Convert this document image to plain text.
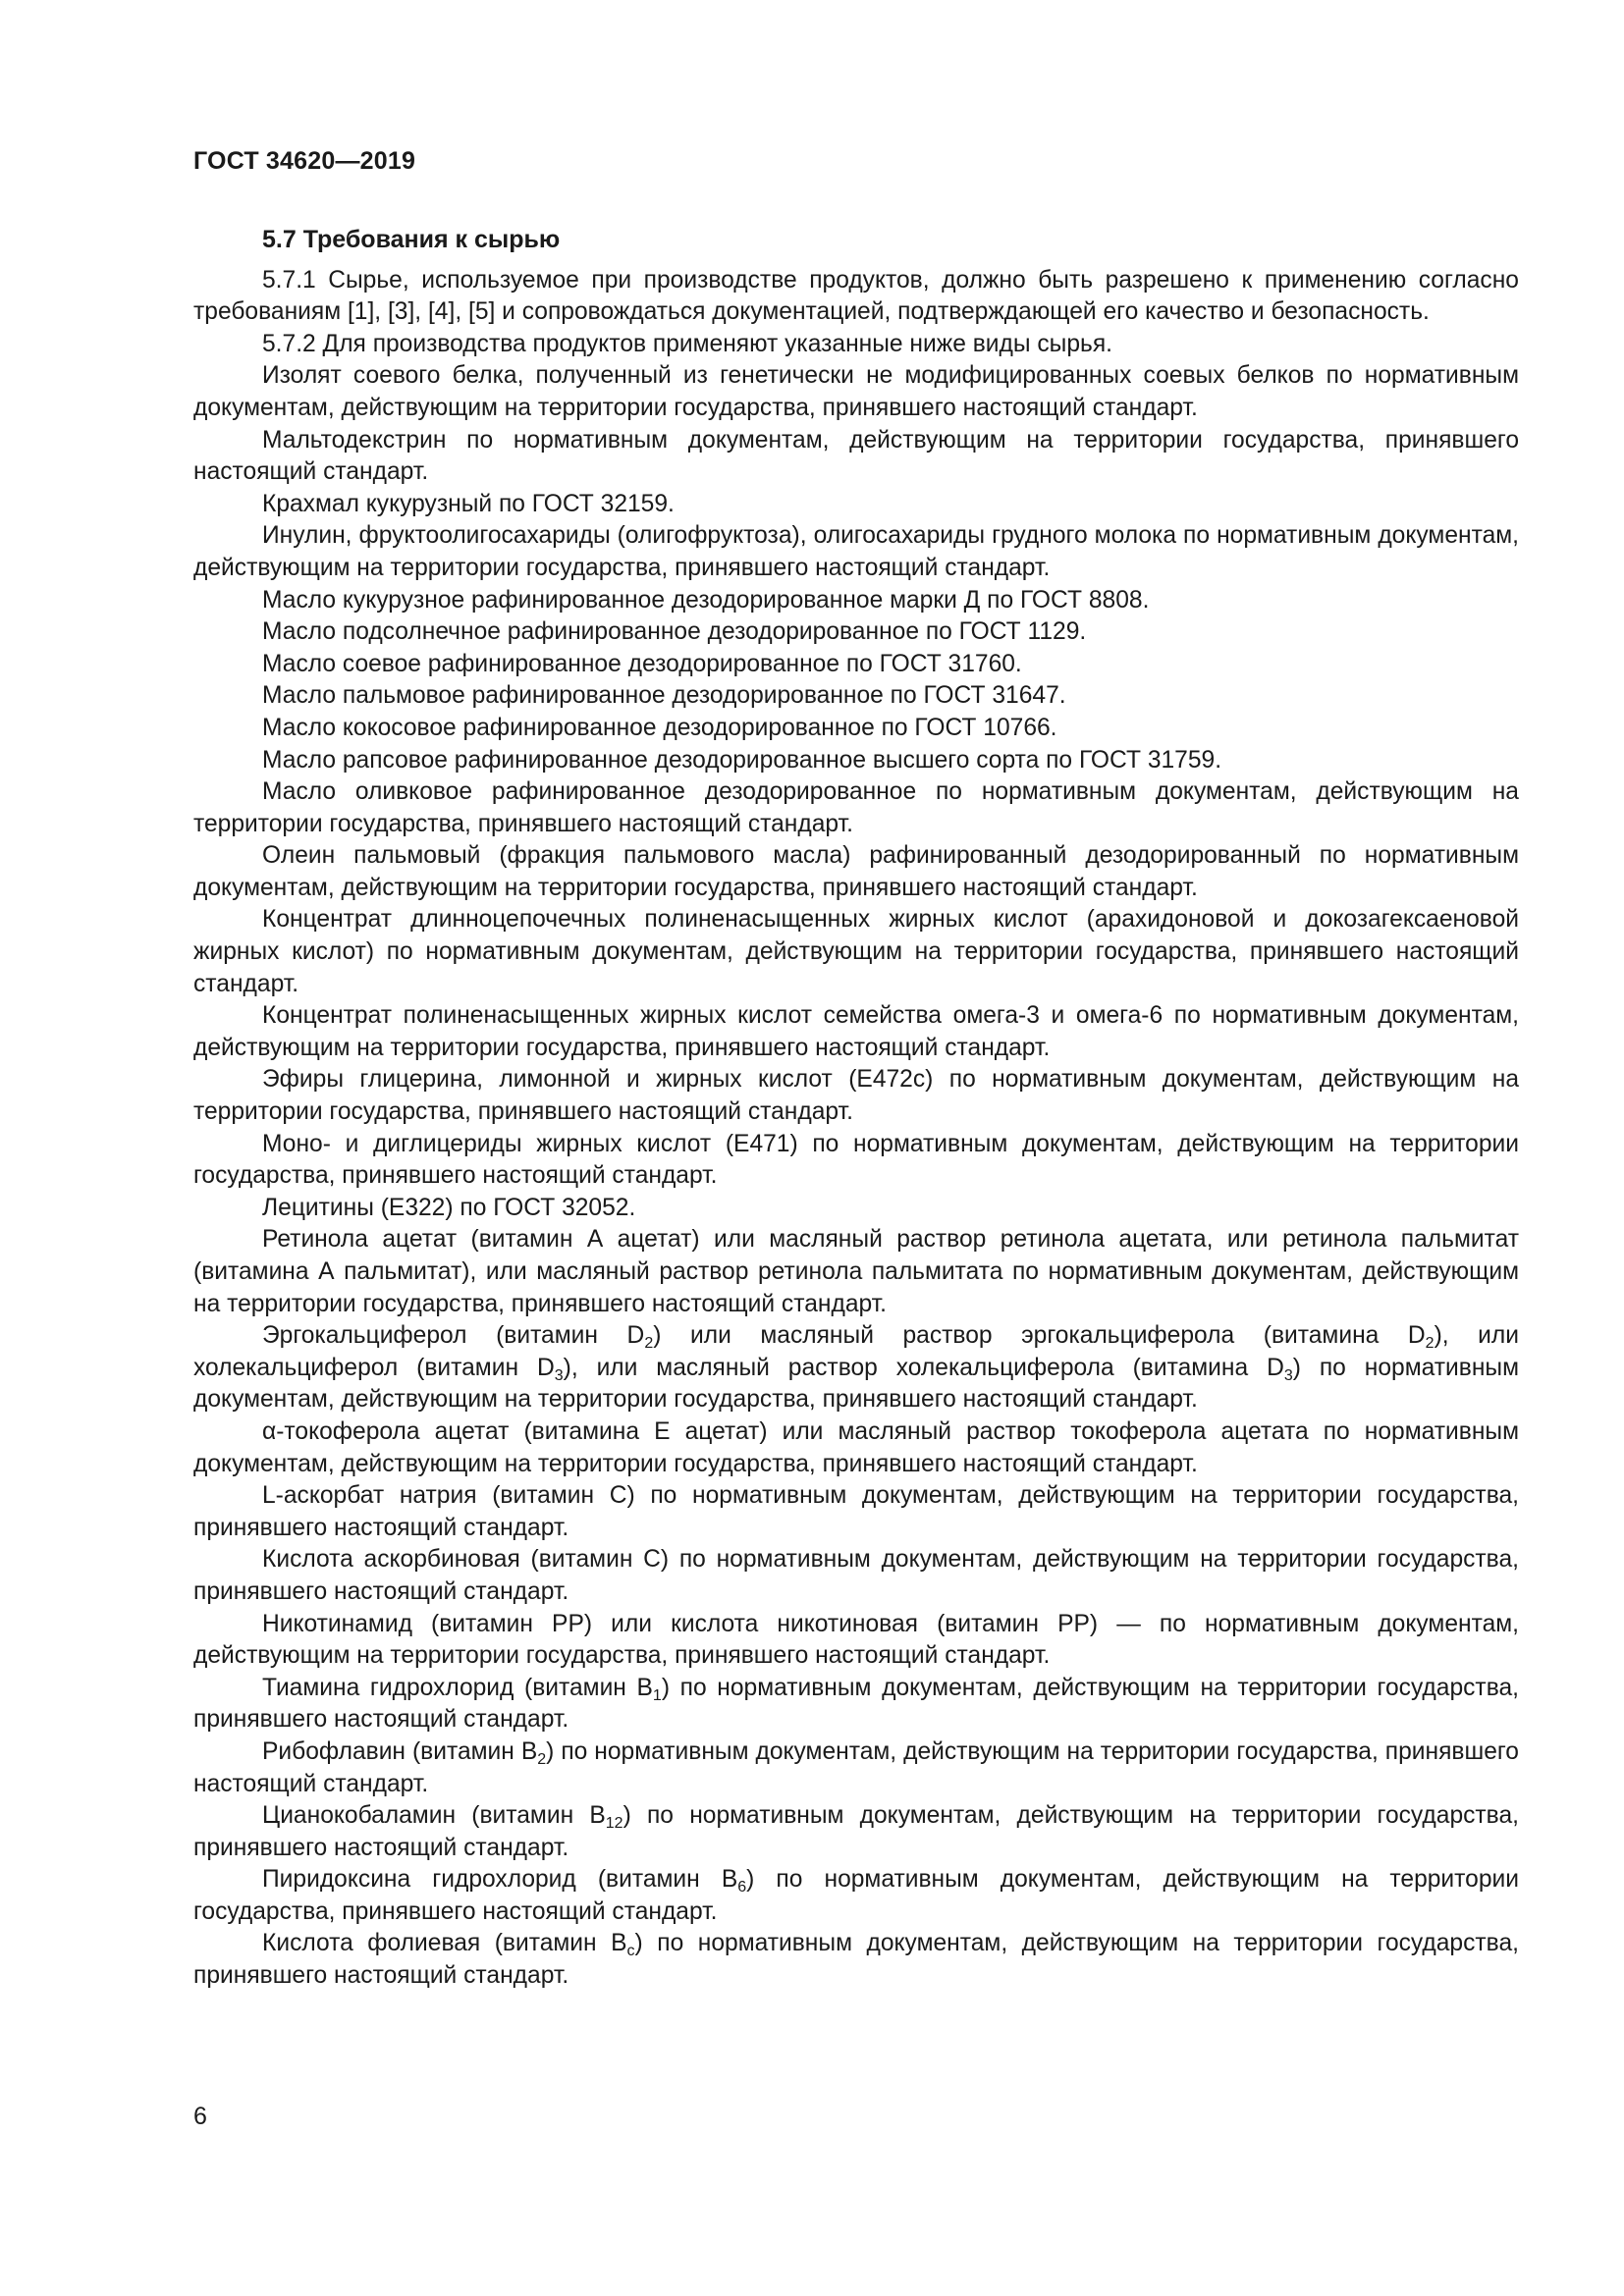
ГОСТ 34620—2019

5.7 Требования к сырью

5.7.1 Сырье, используемое при производстве продуктов, должно быть разрешено к применению согласно требованиям [1], [3], [4], [5] и сопровождаться документацией, подтверждающей его качество и безопасность.

5.7.2 Для производства продуктов применяют указанные ниже виды сырья.

Изолят соевого белка, полученный из генетически не модифицированных соевых белков по нормативным документам, действующим на территории государства, принявшего настоящий стандарт.

Мальтодекстрин по нормативным документам, действующим на территории государства, принявшего настоящий стандарт.

Крахмал кукурузный по ГОСТ 32159.

Инулин, фруктоолигосахариды (олигофруктоза), олигосахариды грудного молока по нормативным документам, действующим на территории государства, принявшего настоящий стандарт.

Масло кукурузное рафинированное дезодорированное марки Д по ГОСТ 8808.

Масло подсолнечное рафинированное дезодорированное по ГОСТ 1129.

Масло соевое рафинированное дезодорированное по ГОСТ 31760.

Масло пальмовое рафинированное дезодорированное по ГОСТ 31647.

Масло кокосовое рафинированное дезодорированное по ГОСТ 10766.

Масло рапсовое рафинированное дезодорированное высшего сорта по ГОСТ 31759.

Масло оливковое рафинированное дезодорированное по нормативным документам, действующим на территории государства, принявшего настоящий стандарт.

Олеин пальмовый (фракция пальмового масла) рафинированный дезодорированный по нормативным документам, действующим на территории государства, принявшего настоящий стандарт.

Концентрат длинноцепочечных полиненасыщенных жирных кислот (арахидоновой и докозагексаеновой жирных кислот) по нормативным документам, действующим на территории государства, принявшего настоящий стандарт.

Концентрат полиненасыщенных жирных кислот семейства омега-3 и омега-6 по нормативным документам, действующим на территории государства, принявшего настоящий стандарт.

Эфиры глицерина, лимонной и жирных кислот (Е472с) по нормативным документам, действующим на территории государства, принявшего настоящий стандарт.

Моно- и диглицериды жирных кислот (Е471) по нормативным документам, действующим на территории государства, принявшего настоящий стандарт.

Лецитины (Е322) по ГОСТ 32052.

Ретинола ацетат (витамин А ацетат) или масляный раствор ретинола ацетата, или ретинола пальмитат (витамина А пальмитат), или масляный раствор ретинола пальмитата по нормативным документам, действующим на территории государства, принявшего настоящий стандарт.

Эргокальциферол (витамин $D_2$) или масляный раствор эргокальциферола (витамина $D_2$), или холекальциферол (витамин $D_3$), или масляный раствор холекальциферола (витамина $D_3$) по нормативным документам, действующим на территории государства, принявшего настоящий стандарт.

α-токоферола ацетат (витамина Е ацетат) или масляный раствор токоферола ацетата по нормативным документам, действующим на территории государства, принявшего настоящий стандарт.

L-аскорбат натрия (витамин С) по нормативным документам, действующим на территории государства, принявшего настоящий стандарт.

Кислота аскорбиновая (витамин С) по нормативным документам, действующим на территории государства, принявшего настоящий стандарт.

Никотинамид (витамин РР) или кислота никотиновая (витамин РР) — по нормативным документам, действующим на территории государства, принявшего настоящий стандарт.

Тиамина гидрохлорид (витамин $В_1$) по нормативным документам, действующим на территории государства, принявшего настоящий стандарт.

Рибофлавин (витамин $В_2$) по нормативным документам, действующим на территории государства, принявшего настоящий стандарт.

Цианокобаламин (витамин $В_{12}$) по нормативным документам, действующим на территории государства, принявшего настоящий стандарт.

Пиридоксина гидрохлорид (витамин $В_6$) по нормативным документам, действующим на территории государства, принявшего настоящий стандарт.

Кислота фолиевая (витамин $В_с$) по нормативным документам, действующим на территории государства, принявшего настоящий стандарт.

6
